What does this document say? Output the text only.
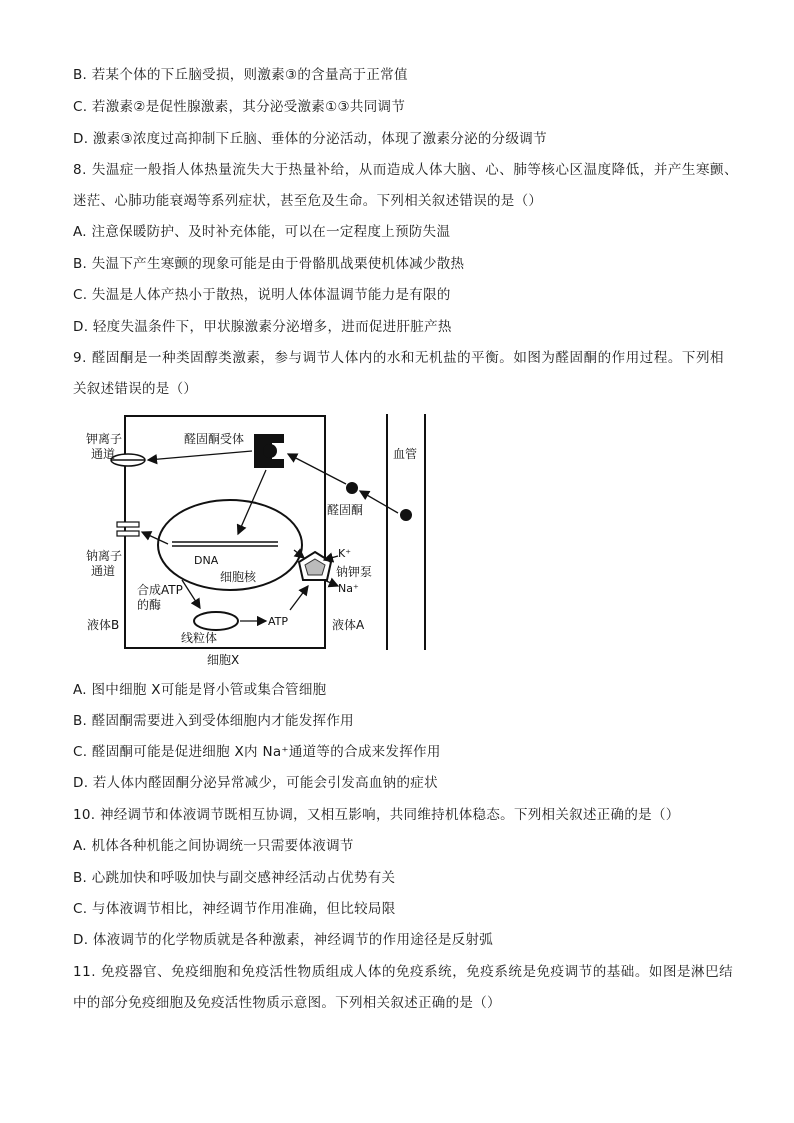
B. 若某个体的下丘脑受损，则激素③的含量高于正常值
C. 若激素②是促性腺激素，其分泌受激素①③共同调节
D. 激素③浓度过高抑制下丘脑、垂体的分泌活动，体现了激素分泌的分级调节
8. 失温症一般指人体热量流失大于热量补给，从而造成人体大脑、心、肺等核心区温度降低，并产生寒颤、
迷茫、心肺功能衰竭等系列症状，甚至危及生命。下列相关叙述错误的是（）
A. 注意保暖防护、及时补充体能，可以在一定程度上预防失温
B. 失温下产生寒颤的现象可能是由于骨骼肌战栗使机体减少散热
C. 失温是人体产热小于散热，说明人体体温调节能力是有限的
D. 轻度失温条件下，甲状腺激素分泌增多，进而促进肝脏产热
9. 醛固酮是一种类固醇类激素，参与调节人体内的水和无机盐的平衡。如图为醛固酮的作用过程。下列相
关叙述错误的是（）
钾离子
通道
醛固酮受体
血管
醛固酮
钠离子
通道
DNA
细胞核
K⁺
钠钾泵
Na⁺
合成ATP
的酶
液体B
线粒体
ATP	液体A
细胞X
A. 图中细胞 X可能是肾小管或集合管细胞
B. 醛固酮需要进入到受体细胞内才能发挥作用
C. 醛固酮可能是促进细胞 X内 Na⁺通道等的合成来发挥作用
D. 若人体内醛固酮分泌异常减少，可能会引发高血钠的症状
10. 神经调节和体液调节既相互协调，又相互影响，共同维持机体稳态。下列相关叙述正确的是（）
A. 机体各种机能之间协调统一只需要体液调节
B. 心跳加快和呼吸加快与副交感神经活动占优势有关
C. 与体液调节相比，神经调节作用准确，但比较局限
D. 体液调节的化学物质就是各种激素，神经调节的作用途径是反射弧
11. 免疫器官、免疫细胞和免疫活性物质组成人体的免疫系统，免疫系统是免疫调节的基础。如图是淋巴结
中的部分免疫细胞及免疫活性物质示意图。下列相关叙述正确的是（）
